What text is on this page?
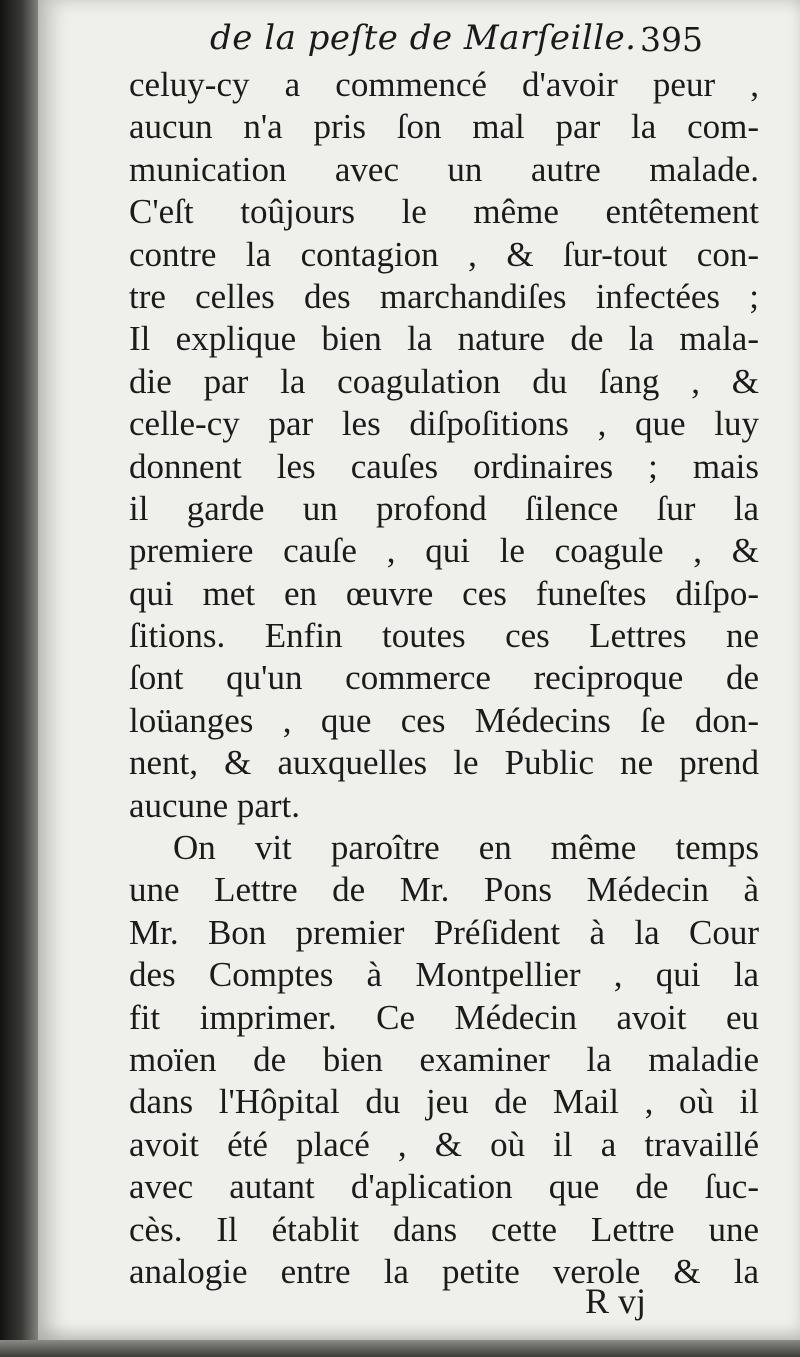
de la peſte de Marſeille. 395
celuy-cy a commencé d'avoir peur ,
aucun n'a pris ſon mal par la com-
munication avec un autre malade.
C'eſt toûjours le même entêtement
contre la contagion , & ſur-tout con-
tre celles des marchandiſes infectées ;
Il explique bien la nature de la mala-
die par la coagulation du ſang , &
celle-cy par les diſpoſitions , que luy
donnent les cauſes ordinaires ; mais
il garde un profond ſilence ſur la
premiere cauſe , qui le coagule , &
qui met en œuvre ces funeſtes diſpo-
ſitions. Enfin toutes ces Lettres ne
ſont qu'un commerce reciproque de
loüanges , que ces Médecins ſe don-
nent, & auxquelles le Public ne prend
aucune part.
On vit paroître en même temps
une Lettre de Mr. Pons Médecin à
Mr. Bon premier Préſident à la Cour
des Comptes à Montpellier , qui la
fit imprimer. Ce Médecin avoit eu
moïen de bien examiner la maladie
dans l'Hôpital du jeu de Mail , où il
avoit été placé , & où il a travaillé
avec autant d'aplication que de ſuc-
cès. Il établit dans cette Lettre une
analogie entre la petite verole & la
R vj
